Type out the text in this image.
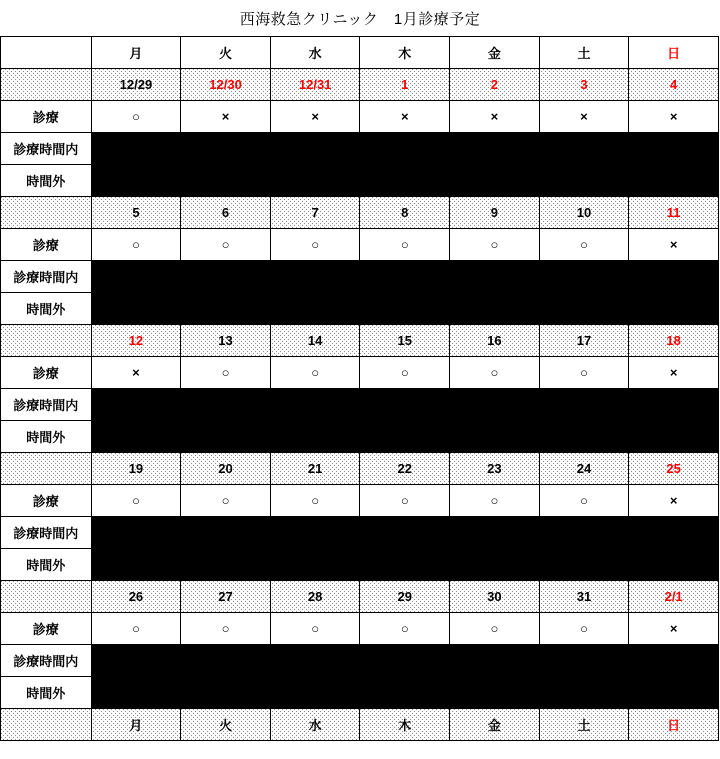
西海救急クリニック　1月診療予定
	月	火	水	木	金	土	日
	12/29	12/30	12/31	1	2	3	4
診療	○	×	×	×	×	×	×
診療時間内							
時間外							
	5	6	7	8	9	10	11
診療	○	○	○	○	○	○	×
診療時間内							
時間外							
	12	13	14	15	16	17	18
診療	×	○	○	○	○	○	×
診療時間内							
時間外							
	19	20	21	22	23	24	25
診療	○	○	○	○	○	○	×
診療時間内							
時間外							
	26	27	28	29	30	31	2/1
診療	○	○	○	○	○	○	×
診療時間内							
時間外							
	月	火	水	木	金	土	日
